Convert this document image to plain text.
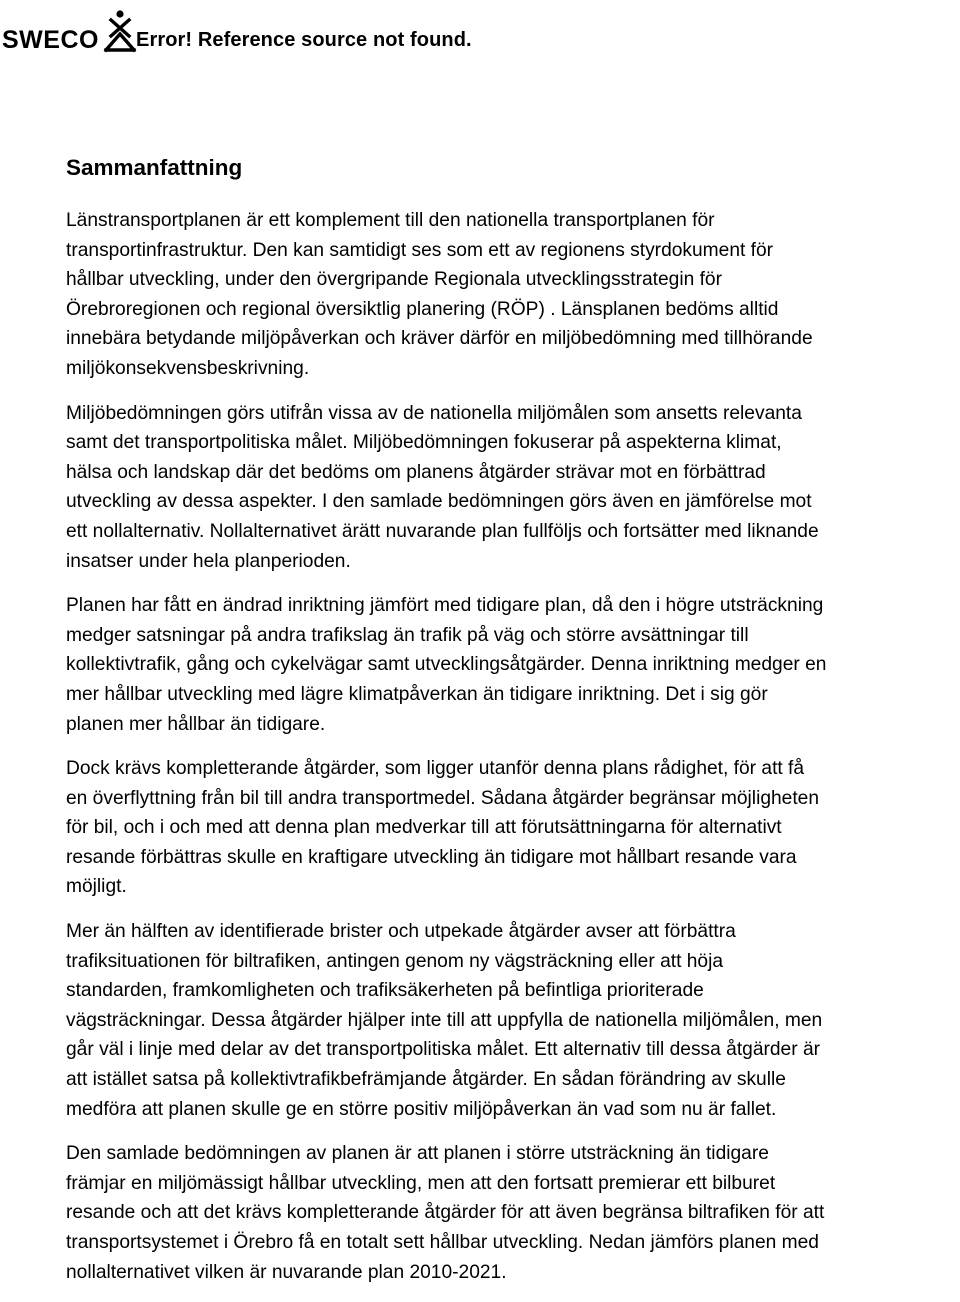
SWECO Error! Reference source not found.
Sammanfattning

Länstransportplanen är ett komplement till den nationella transportplanen för
transportinfrastruktur. Den kan samtidigt ses som ett av regionens styrdokument för
hållbar utveckling, under den övergripande Regionala utvecklingsstrategin för
Örebroregionen och regional översiktlig planering (RÖP) . Länsplanen bedöms alltid
innebära betydande miljöpåverkan och kräver därför en miljöbedömning med tillhörande
miljökonsekvensbeskrivning.

Miljöbedömningen görs utifrån vissa av de nationella miljömålen som ansetts relevanta
samt det transportpolitiska målet. Miljöbedömningen fokuserar på aspekterna klimat,
hälsa och landskap där det bedöms om planens åtgärder strävar mot en förbättrad
utveckling av dessa aspekter. I den samlade bedömningen görs även en jämförelse mot
ett nollalternativ. Nollalternativet ärätt nuvarande plan fullföljs och fortsätter med liknande
insatser under hela planperioden.

Planen har fått en ändrad inriktning jämfört med tidigare plan, då den i högre utsträckning
medger satsningar på andra trafikslag än trafik på väg och större avsättningar till
kollektivtrafik, gång och cykelvägar samt utvecklingsåtgärder. Denna inriktning medger en
mer hållbar utveckling med lägre klimatpåverkan än tidigare inriktning. Det i sig gör
planen mer hållbar än tidigare.

Dock krävs kompletterande åtgärder, som ligger utanför denna plans rådighet, för att få
en överflyttning från bil till andra transportmedel. Sådana åtgärder begränsar möjligheten
för bil, och i och med att denna plan medverkar till att förutsättningarna för alternativt
resande förbättras skulle en kraftigare utveckling än tidigare mot hållbart resande vara
möjligt.

Mer än hälften av identifierade brister och utpekade åtgärder avser att förbättra
trafiksituationen för biltrafiken, antingen genom ny vägsträckning eller att höja
standarden, framkomligheten och trafiksäkerheten på befintliga prioriterade
vägsträckningar. Dessa åtgärder hjälper inte till att uppfylla de nationella miljömålen, men
går väl i linje med delar av det transportpolitiska målet. Ett alternativ till dessa åtgärder är
att istället satsa på kollektivtrafikbefrämjande åtgärder. En sådan förändring av skulle
medföra att planen skulle ge en större positiv miljöpåverkan än vad som nu är fallet.

Den samlade bedömningen av planen är att planen i större utsträckning än tidigare
främjar en miljömässigt hållbar utveckling, men att den fortsatt premierar ett bilburet
resande och att det krävs kompletterande åtgärder för att även begränsa biltrafiken för att
transportsystemet i Örebro få en totalt sett hållbar utveckling. Nedan jämförs planen med
nollalternativet vilken är nuvarande plan 2010-2021.
